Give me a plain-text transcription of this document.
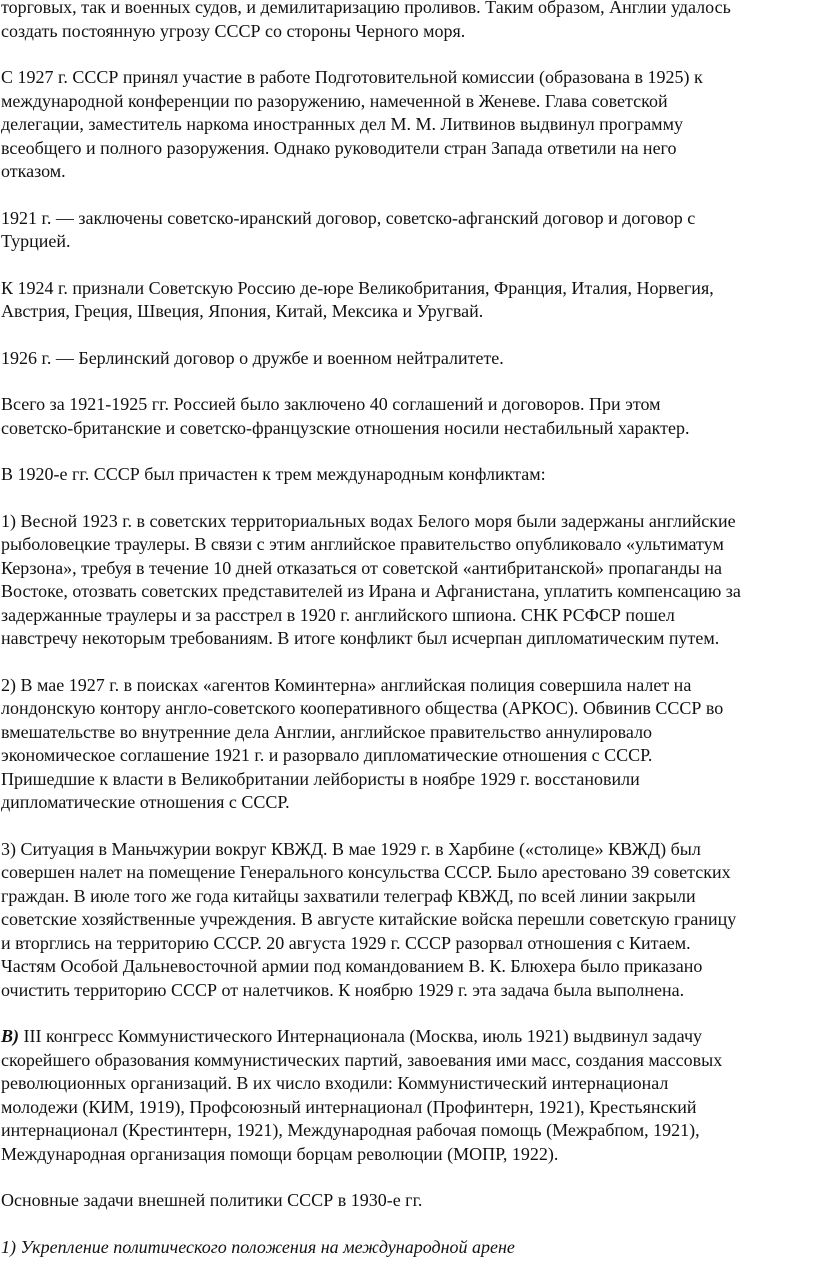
торговых, так и военных судов, и демилитаризацию проливов. Таким образом, Англии удалось
создать постоянную угрозу СССР со стороны Черного моря.

С 1927 г. СССР принял участие в работе Подготовительной комиссии (образована в 1925) к
международной конференции по разоружению, намеченной в Женеве. Глава советской
делегации, заместитель наркома иностранных дел М. М. Литвинов выдвинул программу
всеобщего и полного разоружения. Однако руководители стран Запада ответили на него
отказом.

1921 г. — заключены советско-иранский договор, советско-афганский договор и договор с
Турцией.

К 1924 г. признали Советскую Россию де-юре Великобритания, Франция, Италия, Норвегия,
Австрия, Греция, Швеция, Япония, Китай, Мексика и Уругвай.

1926 г. — Берлинский договор о дружбе и военном нейтралитете.

Всего за 1921-1925 гг. Россией было заключено 40 соглашений и договоров. При этом
советско-британские и советско-французские отношения носили нестабильный характер.

В 1920-е гг. СССР был причастен к трем международным конфликтам:

1) Весной 1923 г. в советских территориальных водах Белого моря были задержаны английские
рыболовецкие траулеры. В связи с этим английское правительство опубликовало «ультиматум
Керзона», требуя в течение 10 дней отказаться от советской «антибританской» пропаганды на
Востоке, отозвать советских представителей из Ирана и Афганистана, уплатить компенсацию за
задержанные траулеры и за расстрел в 1920 г. английского шпиона. СНК РСФСР пошел
навстречу некоторым требованиям. В итоге конфликт был исчерпан дипломатическим путем.

2) В мае 1927 г. в поисках «агентов Коминтерна» английская полиция совершила налет на
лондонскую контору англо-советского кооперативного общества (АРКОС). Обвинив СССР во
вмешательстве во внутренние дела Англии, английское правительство аннулировало
экономическое соглашение 1921 г. и разорвало дипломатические отношения с СССР.
Пришедшие к власти в Великобритании лейбористы в ноябре 1929 г. восстановили
дипломатические отношения с СССР.

3) Ситуация в Маньчжурии вокруг КВЖД. В мае 1929 г. в Харбине («столице» КВЖД) был
совершен налет на помещение Генерального консульства СССР. Было арестовано 39 советских
граждан. В июле того же года китайцы захватили телеграф КВЖД, по всей линии закрыли
советские хозяйственные учреждения. В августе китайские войска перешли советскую границу
и вторглись на территорию СССР. 20 августа 1929 г. СССР разорвал отношения с Китаем.
Частям Особой Дальневосточной армии под командованием В. К. Блюхера было приказано
очистить территорию СССР от налетчиков. К ноябрю 1929 г. эта задача была выполнена.

В) III конгресс Коммунистического Интернационала (Москва, июль 1921) выдвинул задачу
скорейшего образования коммунистических партий, завоевания ими масс, создания массовых
революционных организаций. В их число входили: Коммунистический интернационал
молодежи (КИМ, 1919), Профсоюзный интернационал (Профинтерн, 1921), Крестьянский
интернационал (Крестинтерн, 1921), Международная рабочая помощь (Межрабпом, 1921),
Международная организация помощи борцам революции (МОПР, 1922).

Основные задачи внешней политики СССР в 1930-е гг.

1) Укрепление политического положения на международной арене
